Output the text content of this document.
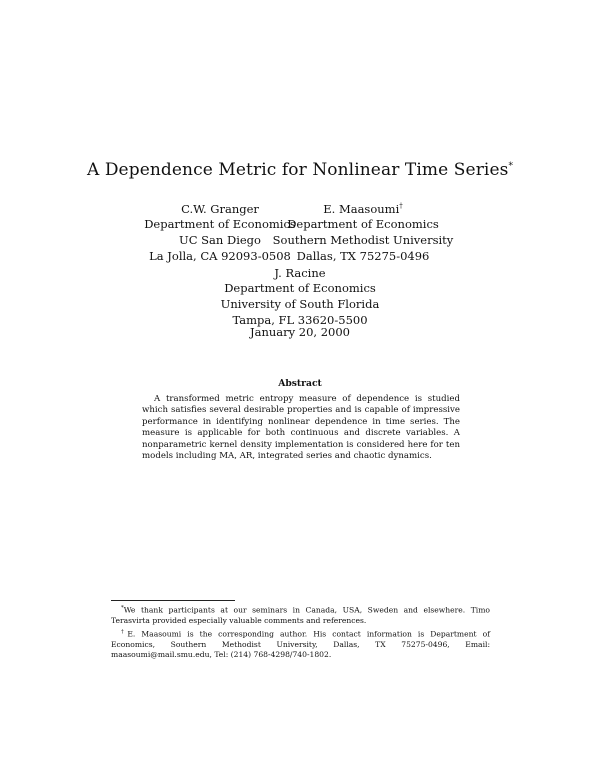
A Dependence Metric for Nonlinear Time Series*
C.W. Granger
Department of Economics
UC San Diego
La Jolla, CA 92093-0508
E. Maasoumi†
Department of Economics
Southern Methodist University
Dallas, TX 75275-0496
J. Racine
Department of Economics
University of South Florida
Tampa, FL 33620-5500
January 20, 2000
Abstract
A transformed metric entropy measure of dependence is studied which satisfies several desirable properties and is capable of impressive performance in identifying nonlinear dependence in time series. The measure is applicable for both continuous and discrete variables. A nonparametric kernel density implementation is considered here for ten models including MA, AR, integrated series and chaotic dynamics.
*We thank participants at our seminars in Canada, USA, Sweden and elsewhere. Timo Terasvirta provided especially valuable comments and references.
†E. Maasoumi is the corresponding author. His contact information is Department of Economics, Southern Methodist University, Dallas, TX 75275-0496, Email: maasoumi@mail.smu.edu, Tel: (214) 768-4298/740-1802.
